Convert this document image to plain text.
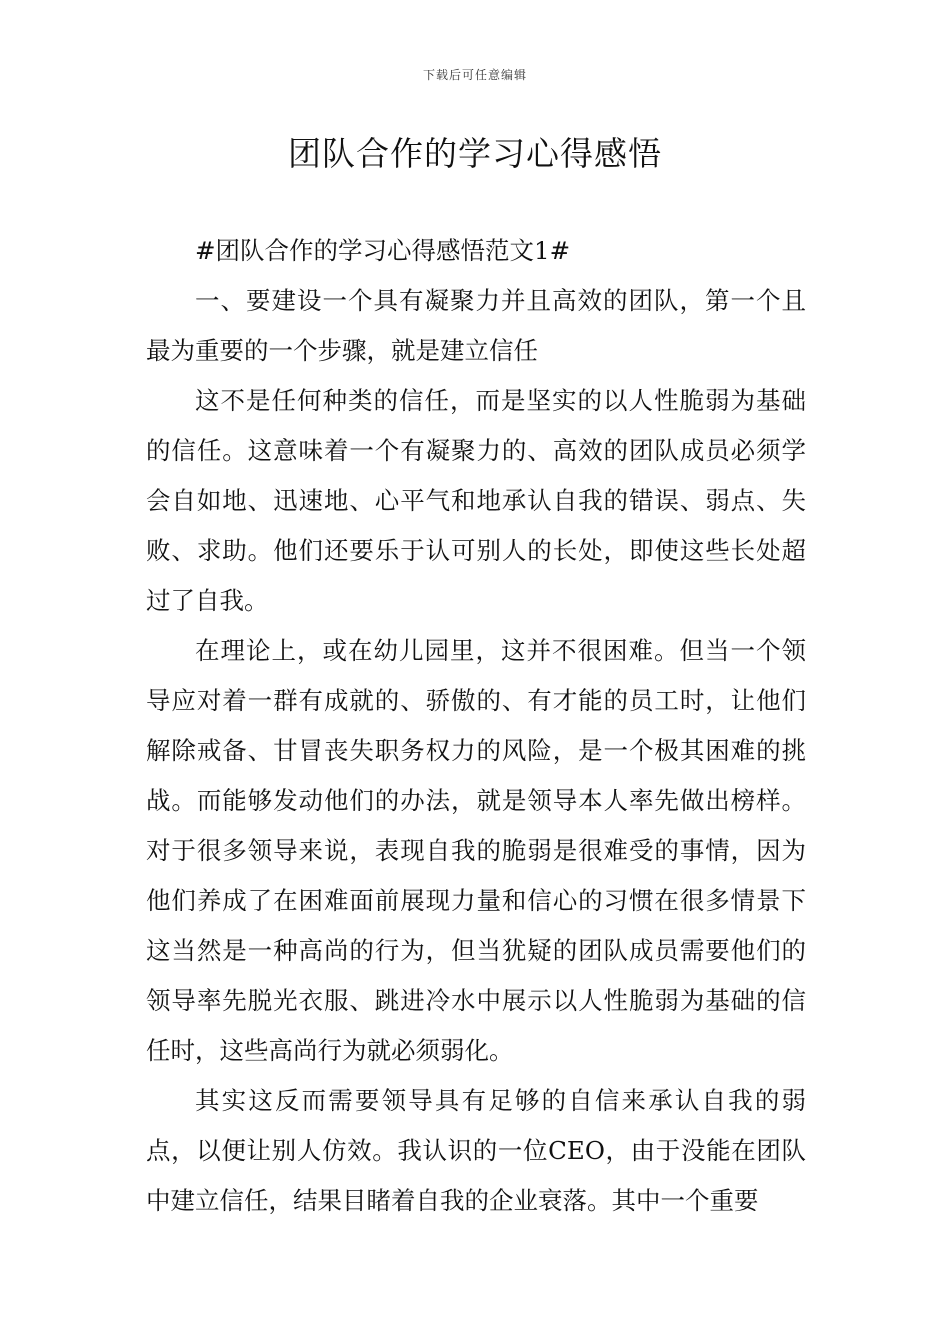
下载后可任意编辑
团队合作的学习心得感悟

#团队合作的学习心得感悟范文1#

一、要建设一个具有凝聚力并且高效的团队，第一个且最为重要的一个步骤，就是建立信任

这不是任何种类的信任，而是坚实的以人性脆弱为基础的信任。这意味着一个有凝聚力的、高效的团队成员必须学会自如地、迅速地、心平气和地承认自我的错误、弱点、失败、求助。他们还要乐于认可别人的长处，即使这些长处超过了自我。

在理论上，或在幼儿园里，这并不很困难。但当一个领导应对着一群有成就的、骄傲的、有才能的员工时，让他们解除戒备、甘冒丧失职务权力的风险，是一个极其困难的挑战。而能够发动他们的办法，就是领导本人率先做出榜样。对于很多领导来说，表现自我的脆弱是很难受的事情，因为他们养成了在困难面前展现力量和信心的习惯在很多情景下这当然是一种高尚的行为，但当犹疑的团队成员需要他们的领导率先脱光衣服、跳进冷水中展示以人性脆弱为基础的信任时，这些高尚行为就必须弱化。

其实这反而需要领导具有足够的自信来承认自我的弱点，以便让别人仿效。我认识的一位CEO，由于没能在团队中建立信任，结果目睹着自我的企业衰落。其中一个重要
